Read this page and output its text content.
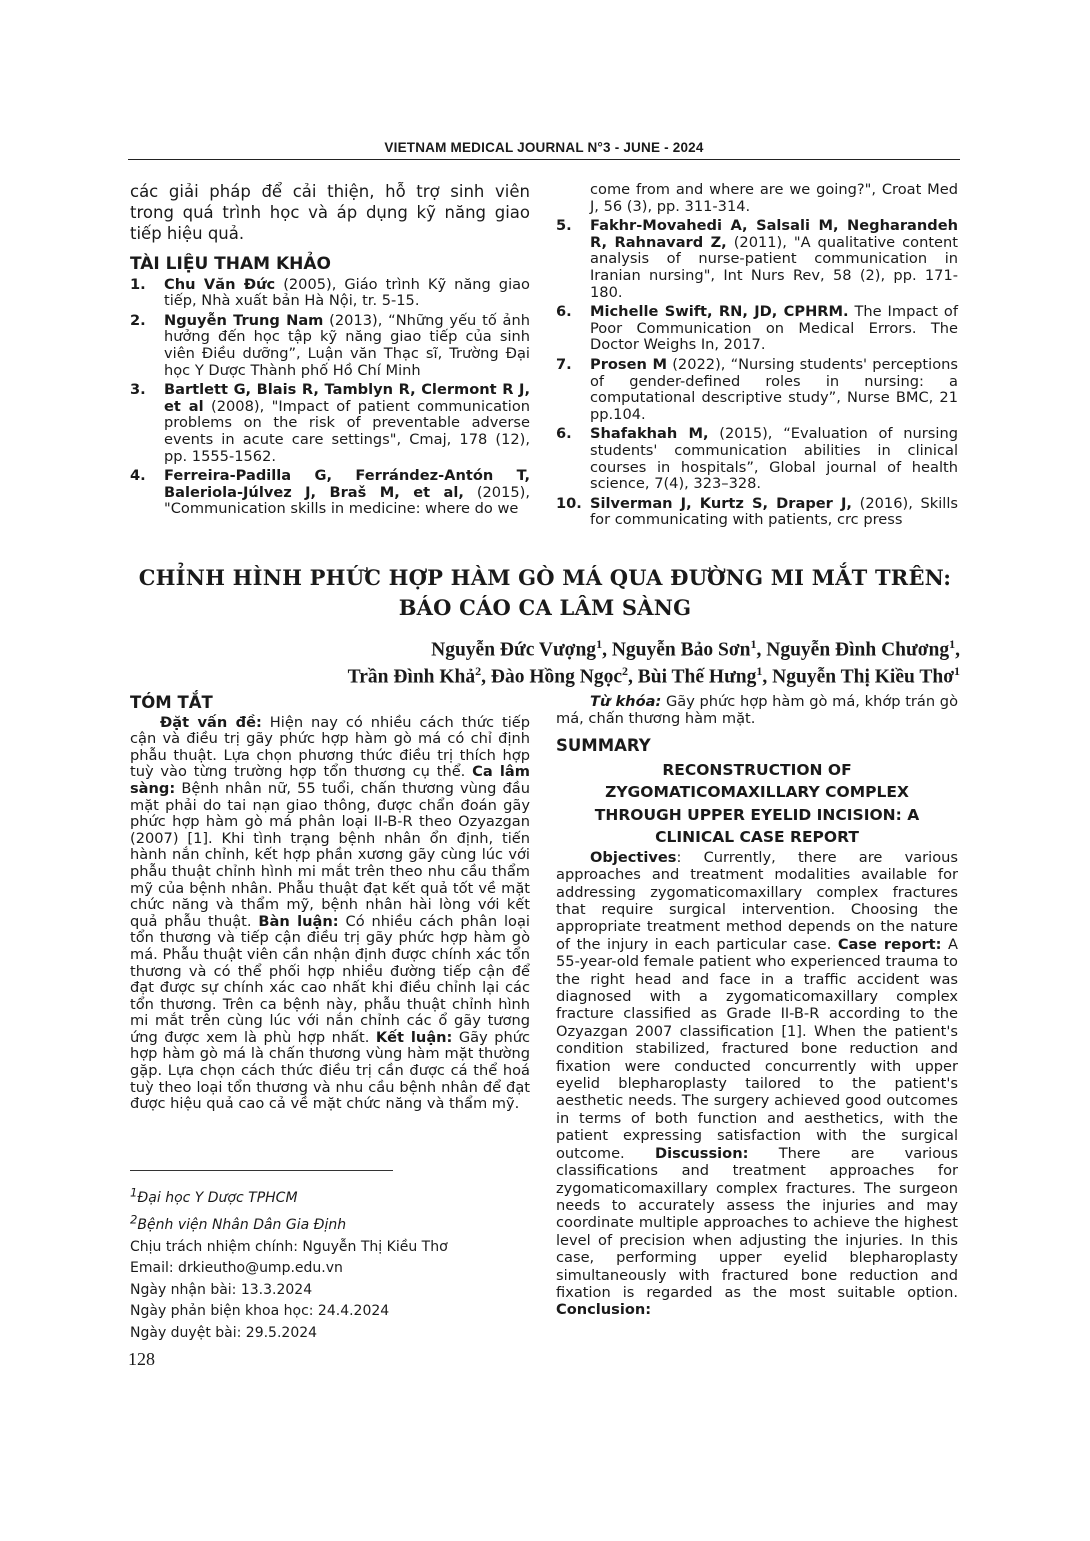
VIETNAM MEDICAL JOURNAL N°3 - JUNE - 2024

các giải pháp để cải thiện, hỗ trợ sinh viên trong quá trình học và áp dụng kỹ năng giao tiếp hiệu quả.

TÀI LIỆU THAM KHẢO
1.	Chu Văn Đức (2005), Giáo trình Kỹ năng giao tiếp, Nhà xuất bản Hà Nội, tr. 5-15.
2.	Nguyễn Trung Nam (2013), “Những yếu tố ảnh hưởng đến học tập kỹ năng giao tiếp của sinh viên Điều dưỡng”, Luận văn Thạc sĩ, Trường Đại học Y Dược Thành phố Hồ Chí Minh
3.	Bartlett G, Blais R, Tamblyn R, Clermont R J, et al (2008), "Impact of patient communication problems on the risk of preventable adverse events in acute care settings", Cmaj, 178 (12), pp. 1555-1562.
4.	Ferreira-Padilla G, Ferrández-Antón T, Baleriola-Júlvez J, Braš M, et al, (2015), "Communication skills in medicine: where do we
come from and where are we going?", Croat Med J, 56 (3), pp. 311-314.
5.	Fakhr-Movahedi A, Salsali M, Negharandeh R, Rahnavard Z, (2011), "A qualitative content analysis of nurse-patient communication in Iranian nursing", Int Nurs Rev, 58 (2), pp. 171-180.
6.	Michelle Swift, RN, JD, CPHRM. The Impact of Poor Communication on Medical Errors. The Doctor Weighs In, 2017.
7.	Prosen M (2022), “Nursing students' perceptions of gender-defined roles in nursing: a computational descriptive study”, Nurse BMC, 21 pp.104.
6.	Shafakhah M, (2015), “Evaluation of nursing students' communication abilities in clinical courses in hospitals”, Global journal of health science, 7(4), 323–328.
10. Silverman J, Kurtz S, Draper J, (2016), Skills for communicating with patients, crc press
CHỈNH HÌNH PHỨC HỢP HÀM GÒ MÁ QUA ĐƯỜNG MI MẮT TRÊN:
BÁO CÁO CA LÂM SÀNG
Nguyễn Đức Vượng$^1$, Nguyễn Bảo Sơn$^1$, Nguyễn Đình Chương$^1$,
Trần Đình Khả$^2$, Đào Hồng Ngọc$^2$, Bùi Thế Hưng$^1$, Nguyễn Thị Kiều Thơ$^1$
TÓM TẮT

Đặt vấn đề: Hiện nay có nhiều cách thức tiếp cận và điều trị gãy phức hợp hàm gò má có chỉ định phẫu thuật. Lựa chọn phương thức điều trị thích hợp tuỳ vào từng trường hợp tổn thương cụ thể. Ca lâm sàng: Bệnh nhân nữ, 55 tuổi, chấn thương vùng đầu mặt phải do tai nạn giao thông, được chẩn đoán gãy phức hợp hàm gò má phân loại II-B-R theo Ozyazgan (2007) [1]. Khi tình trạng bệnh nhân ổn định, tiến hành nắn chỉnh, kết hợp phần xương gãy cùng lúc với phẫu thuật chỉnh hình mi mắt trên theo nhu cầu thẩm mỹ của bệnh nhân. Phẫu thuật đạt kết quả tốt về mặt chức năng và thẩm mỹ, bệnh nhân hài lòng với kết quả phẫu thuật. Bàn luận: Có nhiều cách phân loại tổn thương và tiếp cận điều trị gãy phức hợp hàm gò má. Phẫu thuật viên cần nhận định được chính xác tổn thương và có thể phối hợp nhiều đường tiếp cận để đạt được sự chính xác cao nhất khi điều chỉnh lại các tổn thương. Trên ca bệnh này, phẫu thuật chỉnh hình mi mắt trên cùng lúc với nắn chỉnh các ổ gãy tương ứng được xem là phù hợp nhất. Kết luận: Gãy phức hợp hàm gò má là chấn thương vùng hàm mặt thường gặp. Lựa chọn cách thức điều trị cần được cá thể hoá tuỳ theo loại tổn thương và nhu cầu bệnh nhân để đạt được hiệu quả cao cả về mặt chức năng và thẩm mỹ.

$^1$Đại học Y Dược TPHCM
$^2$Bệnh viện Nhân Dân Gia Định
Chịu trách nhiệm chính: Nguyễn Thị Kiều Thơ
Email: drkieutho@ump.edu.vn
Ngày nhận bài: 13.3.2024
Ngày phản biện khoa học: 24.4.2024
Ngày duyệt bài: 29.5.2024

Từ khóa: Gãy phức hợp hàm gò má, khớp trán gò má, chấn thương hàm mặt.

SUMMARY
RECONSTRUCTION OF
ZYGOMATICOMAXILLARY COMPLEX
THROUGH UPPER EYELID INCISION: A
CLINICAL CASE REPORT

Objectives: Currently, there are various approaches and treatment modalities available for addressing zygomaticomaxillary complex fractures that require surgical intervention. Choosing the appropriate treatment method depends on the nature of the injury in each particular case. Case report: A 55-year-old female patient who experienced trauma to the right head and face in a traffic accident was diagnosed with a zygomaticomaxillary complex fracture classified as Grade II-B-R according to the Ozyazgan 2007 classification [1]. When the patient's condition stabilized, fractured bone reduction and fixation were conducted concurrently with upper eyelid blepharoplasty tailored to the patient's aesthetic needs. The surgery achieved good outcomes in terms of both function and aesthetics, with the patient expressing satisfaction with the surgical outcome. Discussion: There are various classifications and treatment approaches for zygomaticomaxillary complex fractures. The surgeon needs to accurately assess the injuries and may coordinate multiple approaches to achieve the highest level of precision when adjusting the injuries. In this case, performing upper eyelid blepharoplasty simultaneously with fractured bone reduction and fixation is regarded as the most suitable option. Conclusion:

128
